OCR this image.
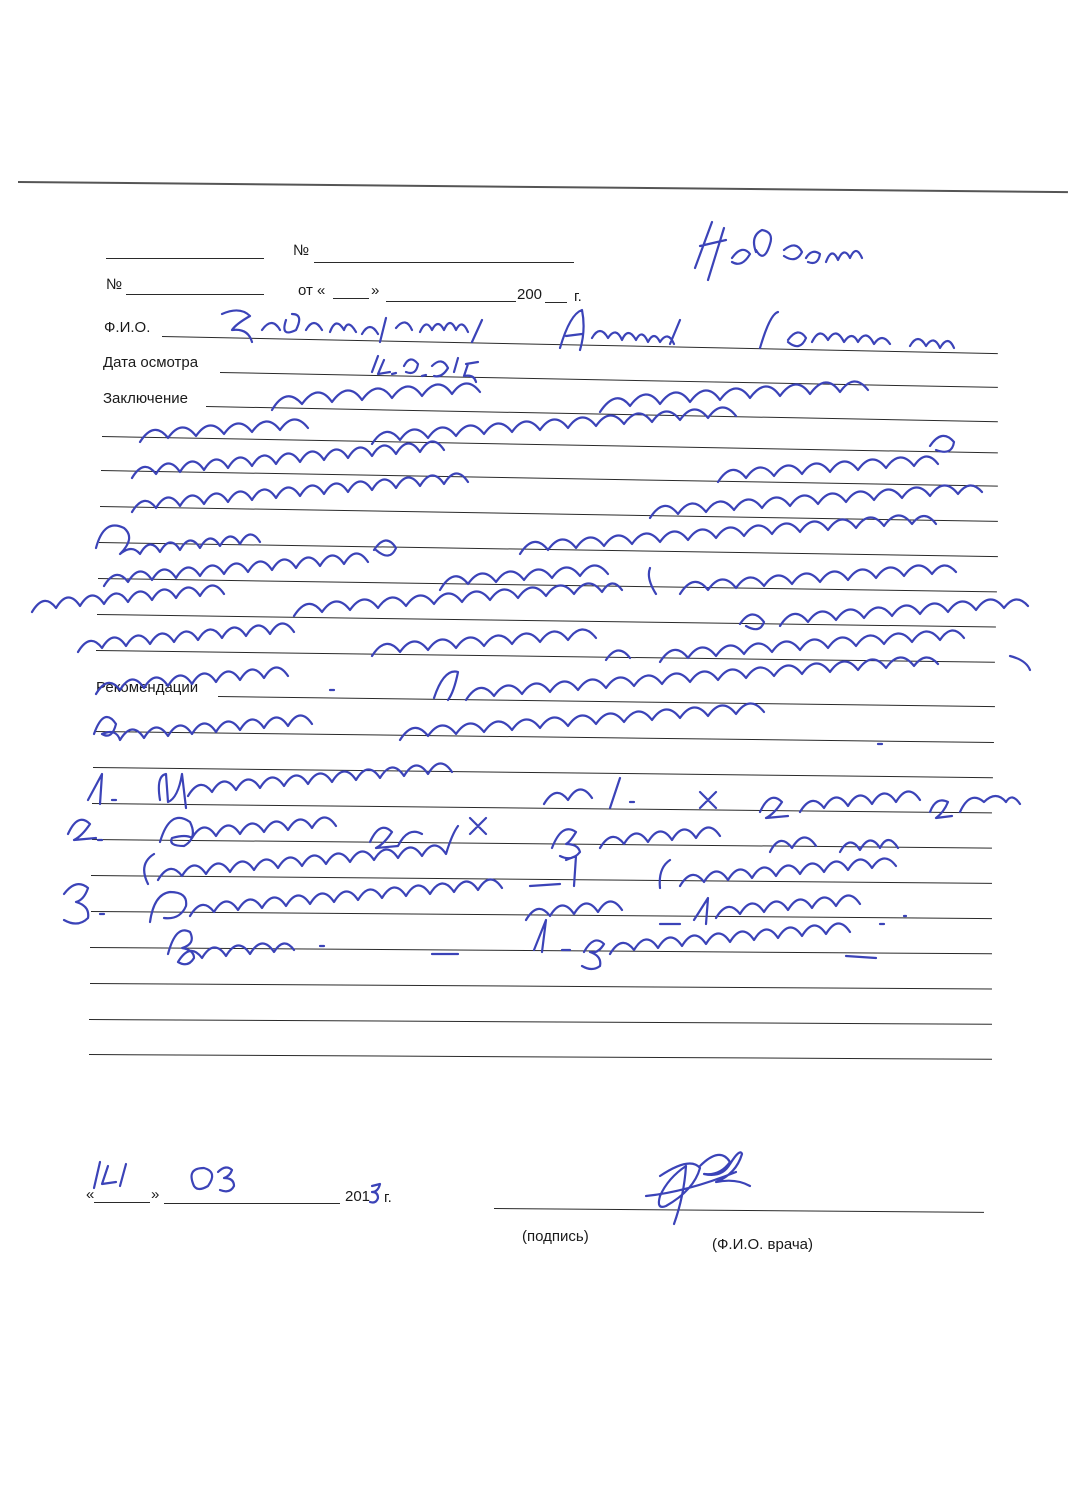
№
№	от «	»	200 г.
Ф.И.О.
Дата осмотра
Заключение
Рекомендации
«	»	201 г.
(подпись)	(Ф.И.О. врача)
